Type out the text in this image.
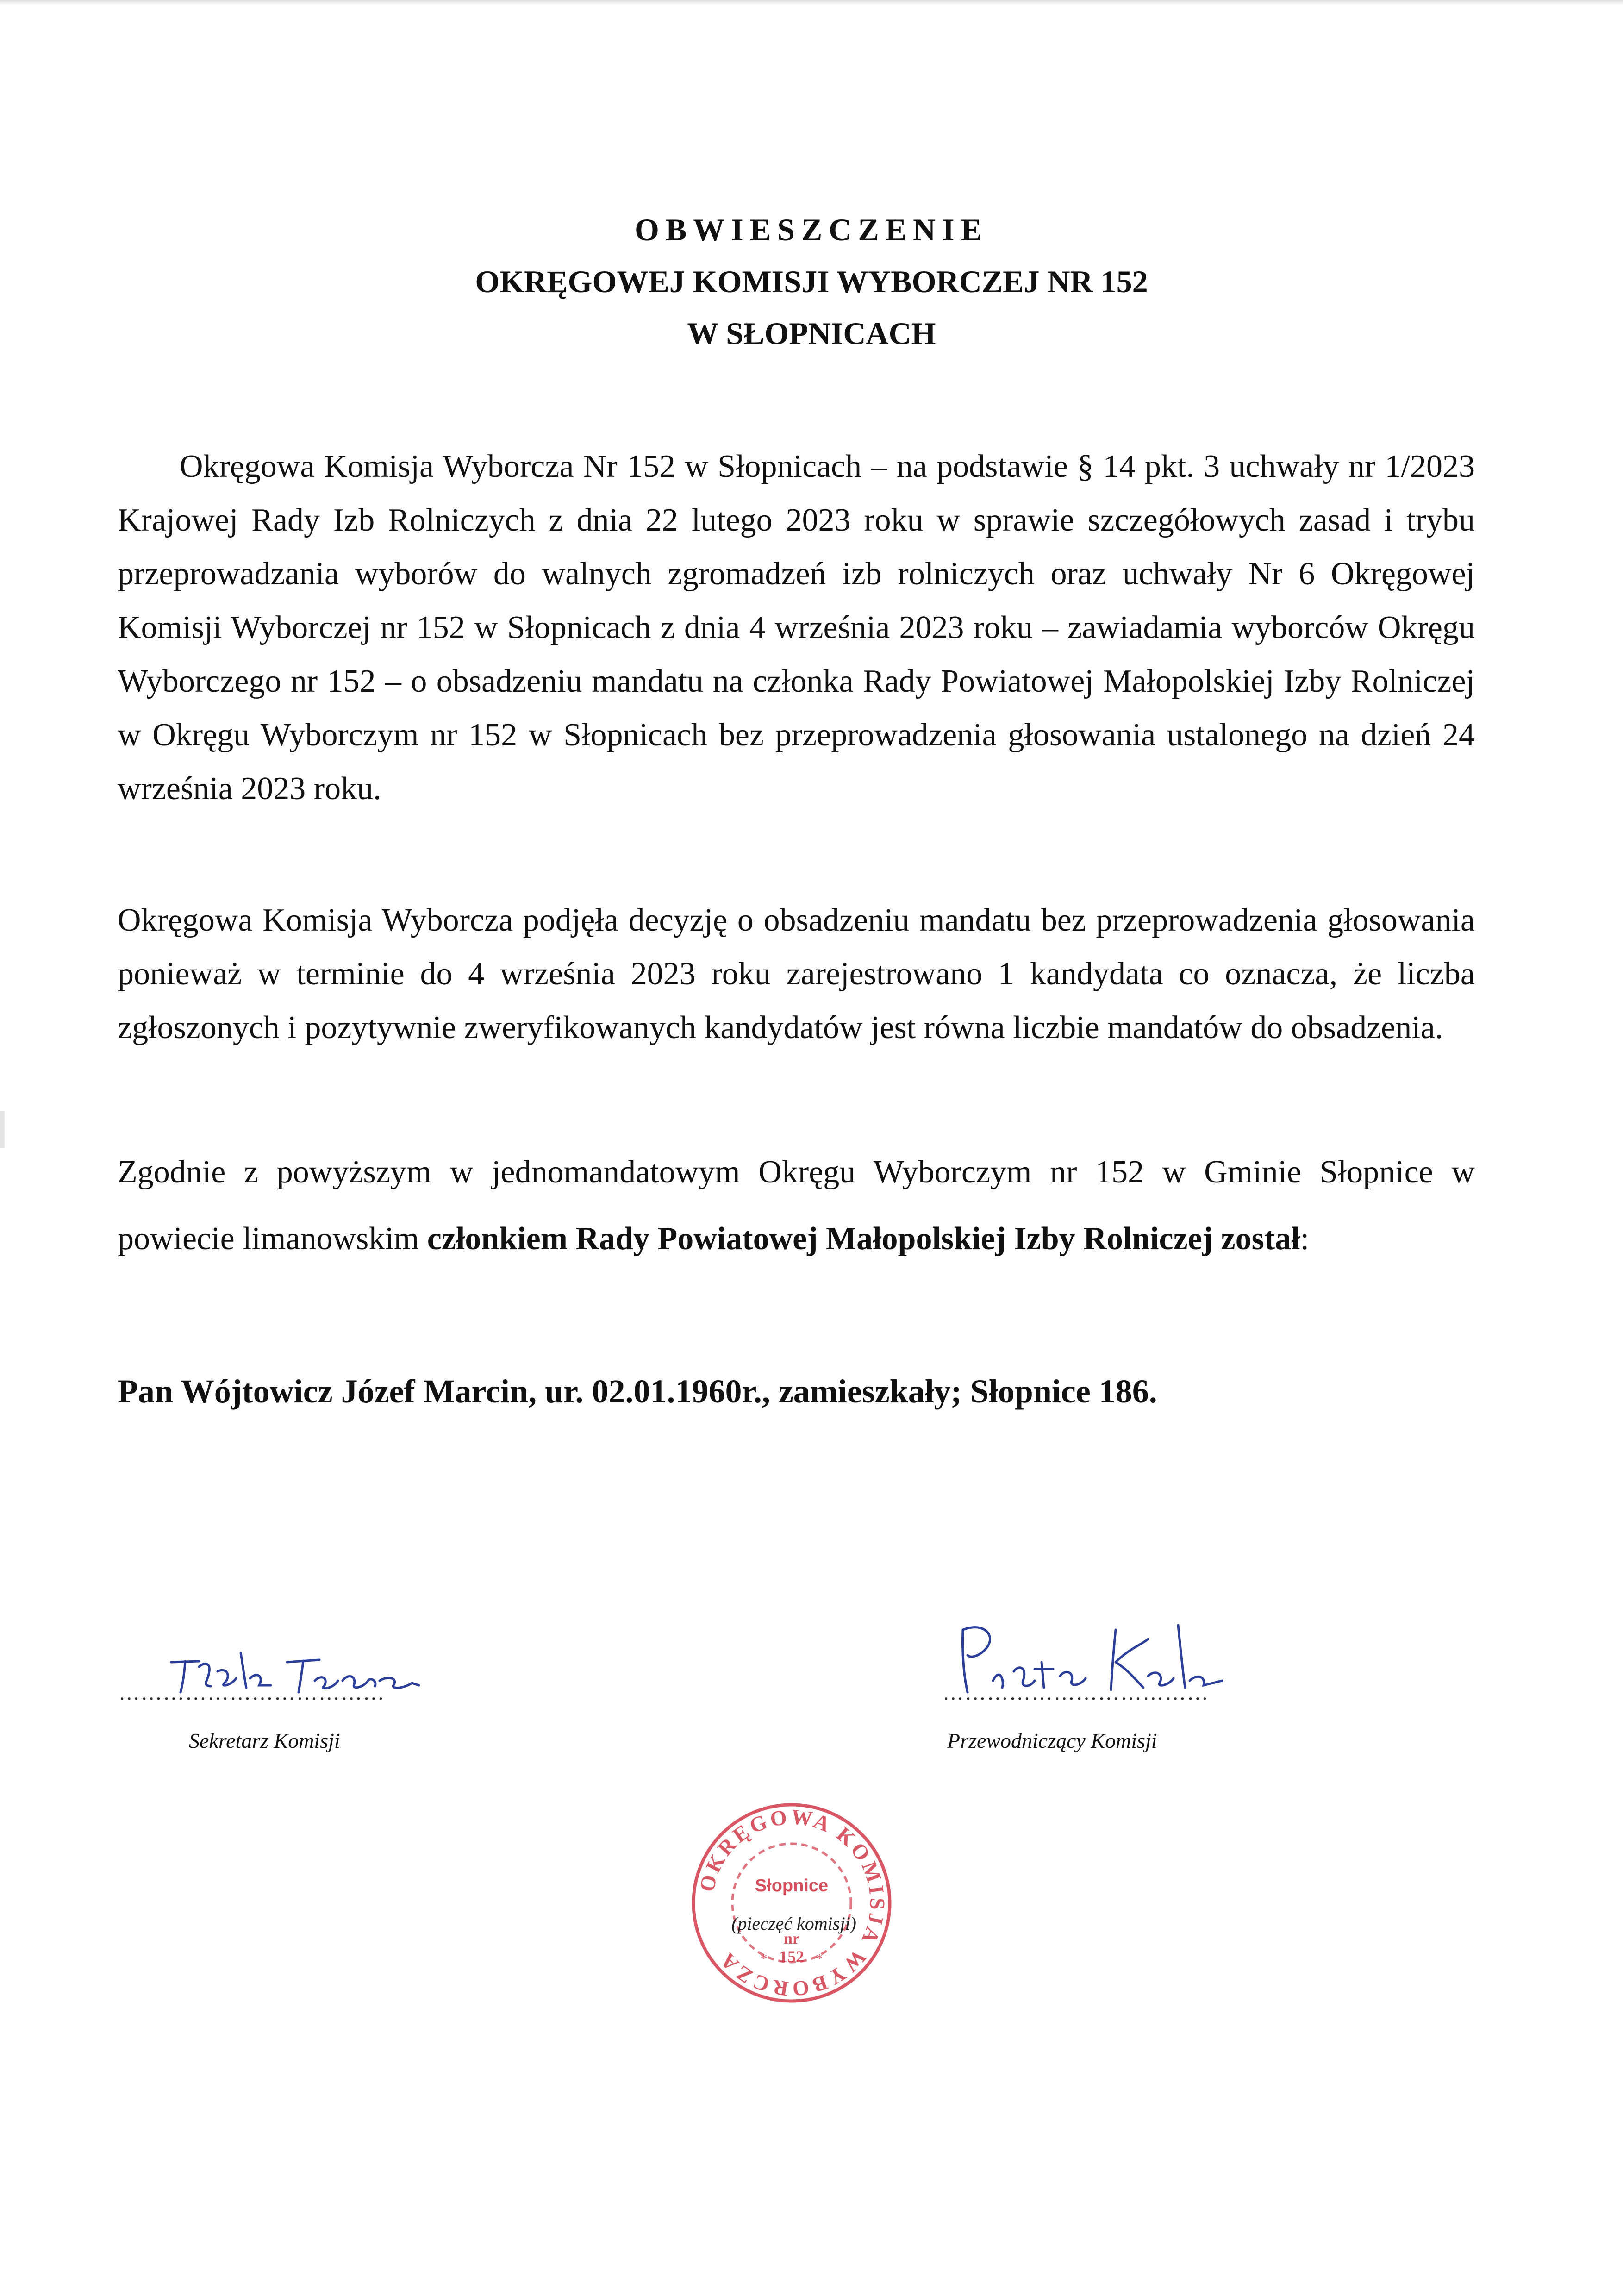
OBWIESZCZENIE
OKRĘGOWEJ KOMISJI WYBORCZEJ NR 152
W SŁOPNICACH

Okręgowa Komisja Wyborcza Nr 152 w Słopnicach – na podstawie § 14 pkt. 3 uchwały nr 1/2023 Krajowej Rady Izb Rolniczych z dnia 22 lutego 2023 roku w sprawie szczegółowych zasad i trybu przeprowadzania wyborów do walnych zgromadzeń izb rolniczych oraz uchwały Nr 6 Okręgowej Komisji Wyborczej nr 152 w Słopnicach z dnia 4 września 2023 roku – zawiadamia wyborców Okręgu Wyborczego nr 152 – o obsadzeniu mandatu na członka Rady Powiatowej Małopolskiej Izby Rolniczej w Okręgu Wyborczym nr 152 w Słopnicach bez przeprowadzenia głosowania ustalonego na dzień 24 września 2023 roku.

Okręgowa Komisja Wyborcza podjęła decyzję o obsadzeniu mandatu bez przeprowadzenia głosowania ponieważ w terminie do 4 września 2023 roku zarejestrowano 1 kandydata co oznacza, że liczba zgłoszonych i pozytywnie zweryfikowanych kandydatów jest równa liczbie mandatów do obsadzenia.

Zgodnie z powyższym w jednomandatowym Okręgu Wyborczym nr 152 w Gminie Słopnice w powiecie limanowskim członkiem Rady Powiatowej Małopolskiej Izby Rolniczej został:

Pan Wójtowicz Józef Marcin, ur. 02.01.1960r., zamieszkały; Słopnice 186.
………………………………
Sekretarz Komisji
………………………………
Przewodniczący Komisji
OKRĘGOWA KOMISJA WYBORCZA
Słopnice
nr
152
*	*
(pieczęć komisji)
